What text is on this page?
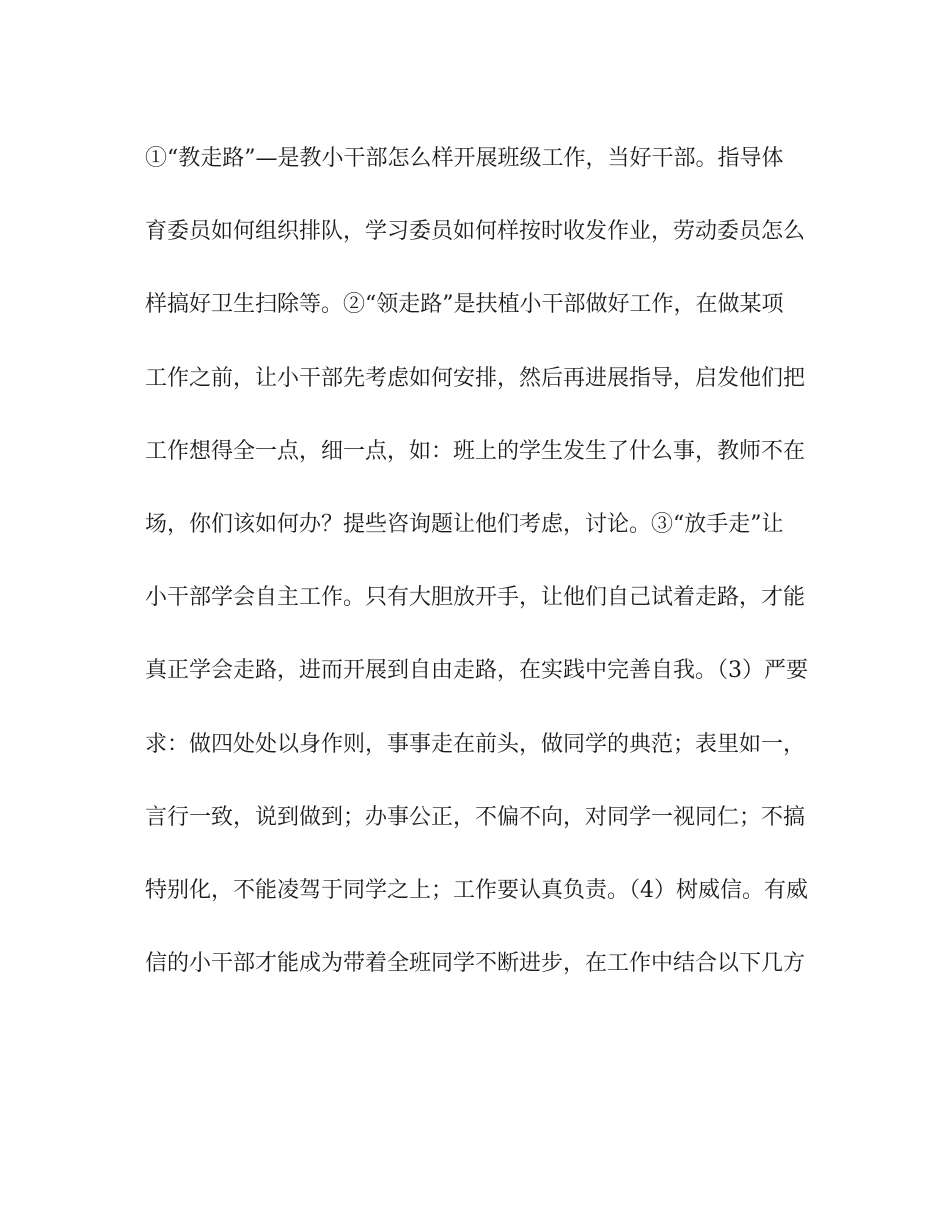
①“教走路”—是教小干部怎么样开展班级工作，当好干部。指导体
育委员如何组织排队，学习委员如何样按时收发作业，劳动委员怎么
样搞好卫生扫除等。②“领走路”是扶植小干部做好工作，在做某项
工作之前，让小干部先考虑如何安排，然后再进展指导，启发他们把
工作想得全一点，细一点，如：班上的学生发生了什么事，教师不在
场，你们该如何办？提些咨询题让他们考虑，讨论。③“放手走”让
小干部学会自主工作。只有大胆放开手，让他们自己试着走路，才能
真正学会走路，进而开展到自由走路，在实践中完善自我。（3）严要
求：做四处处以身作则，事事走在前头，做同学的典范；表里如一，
言行一致，说到做到；办事公正，不偏不向，对同学一视同仁；不搞
特别化，不能凌驾于同学之上；工作要认真负责。（4）树威信。有威
信的小干部才能成为带着全班同学不断进步，在工作中结合以下几方
